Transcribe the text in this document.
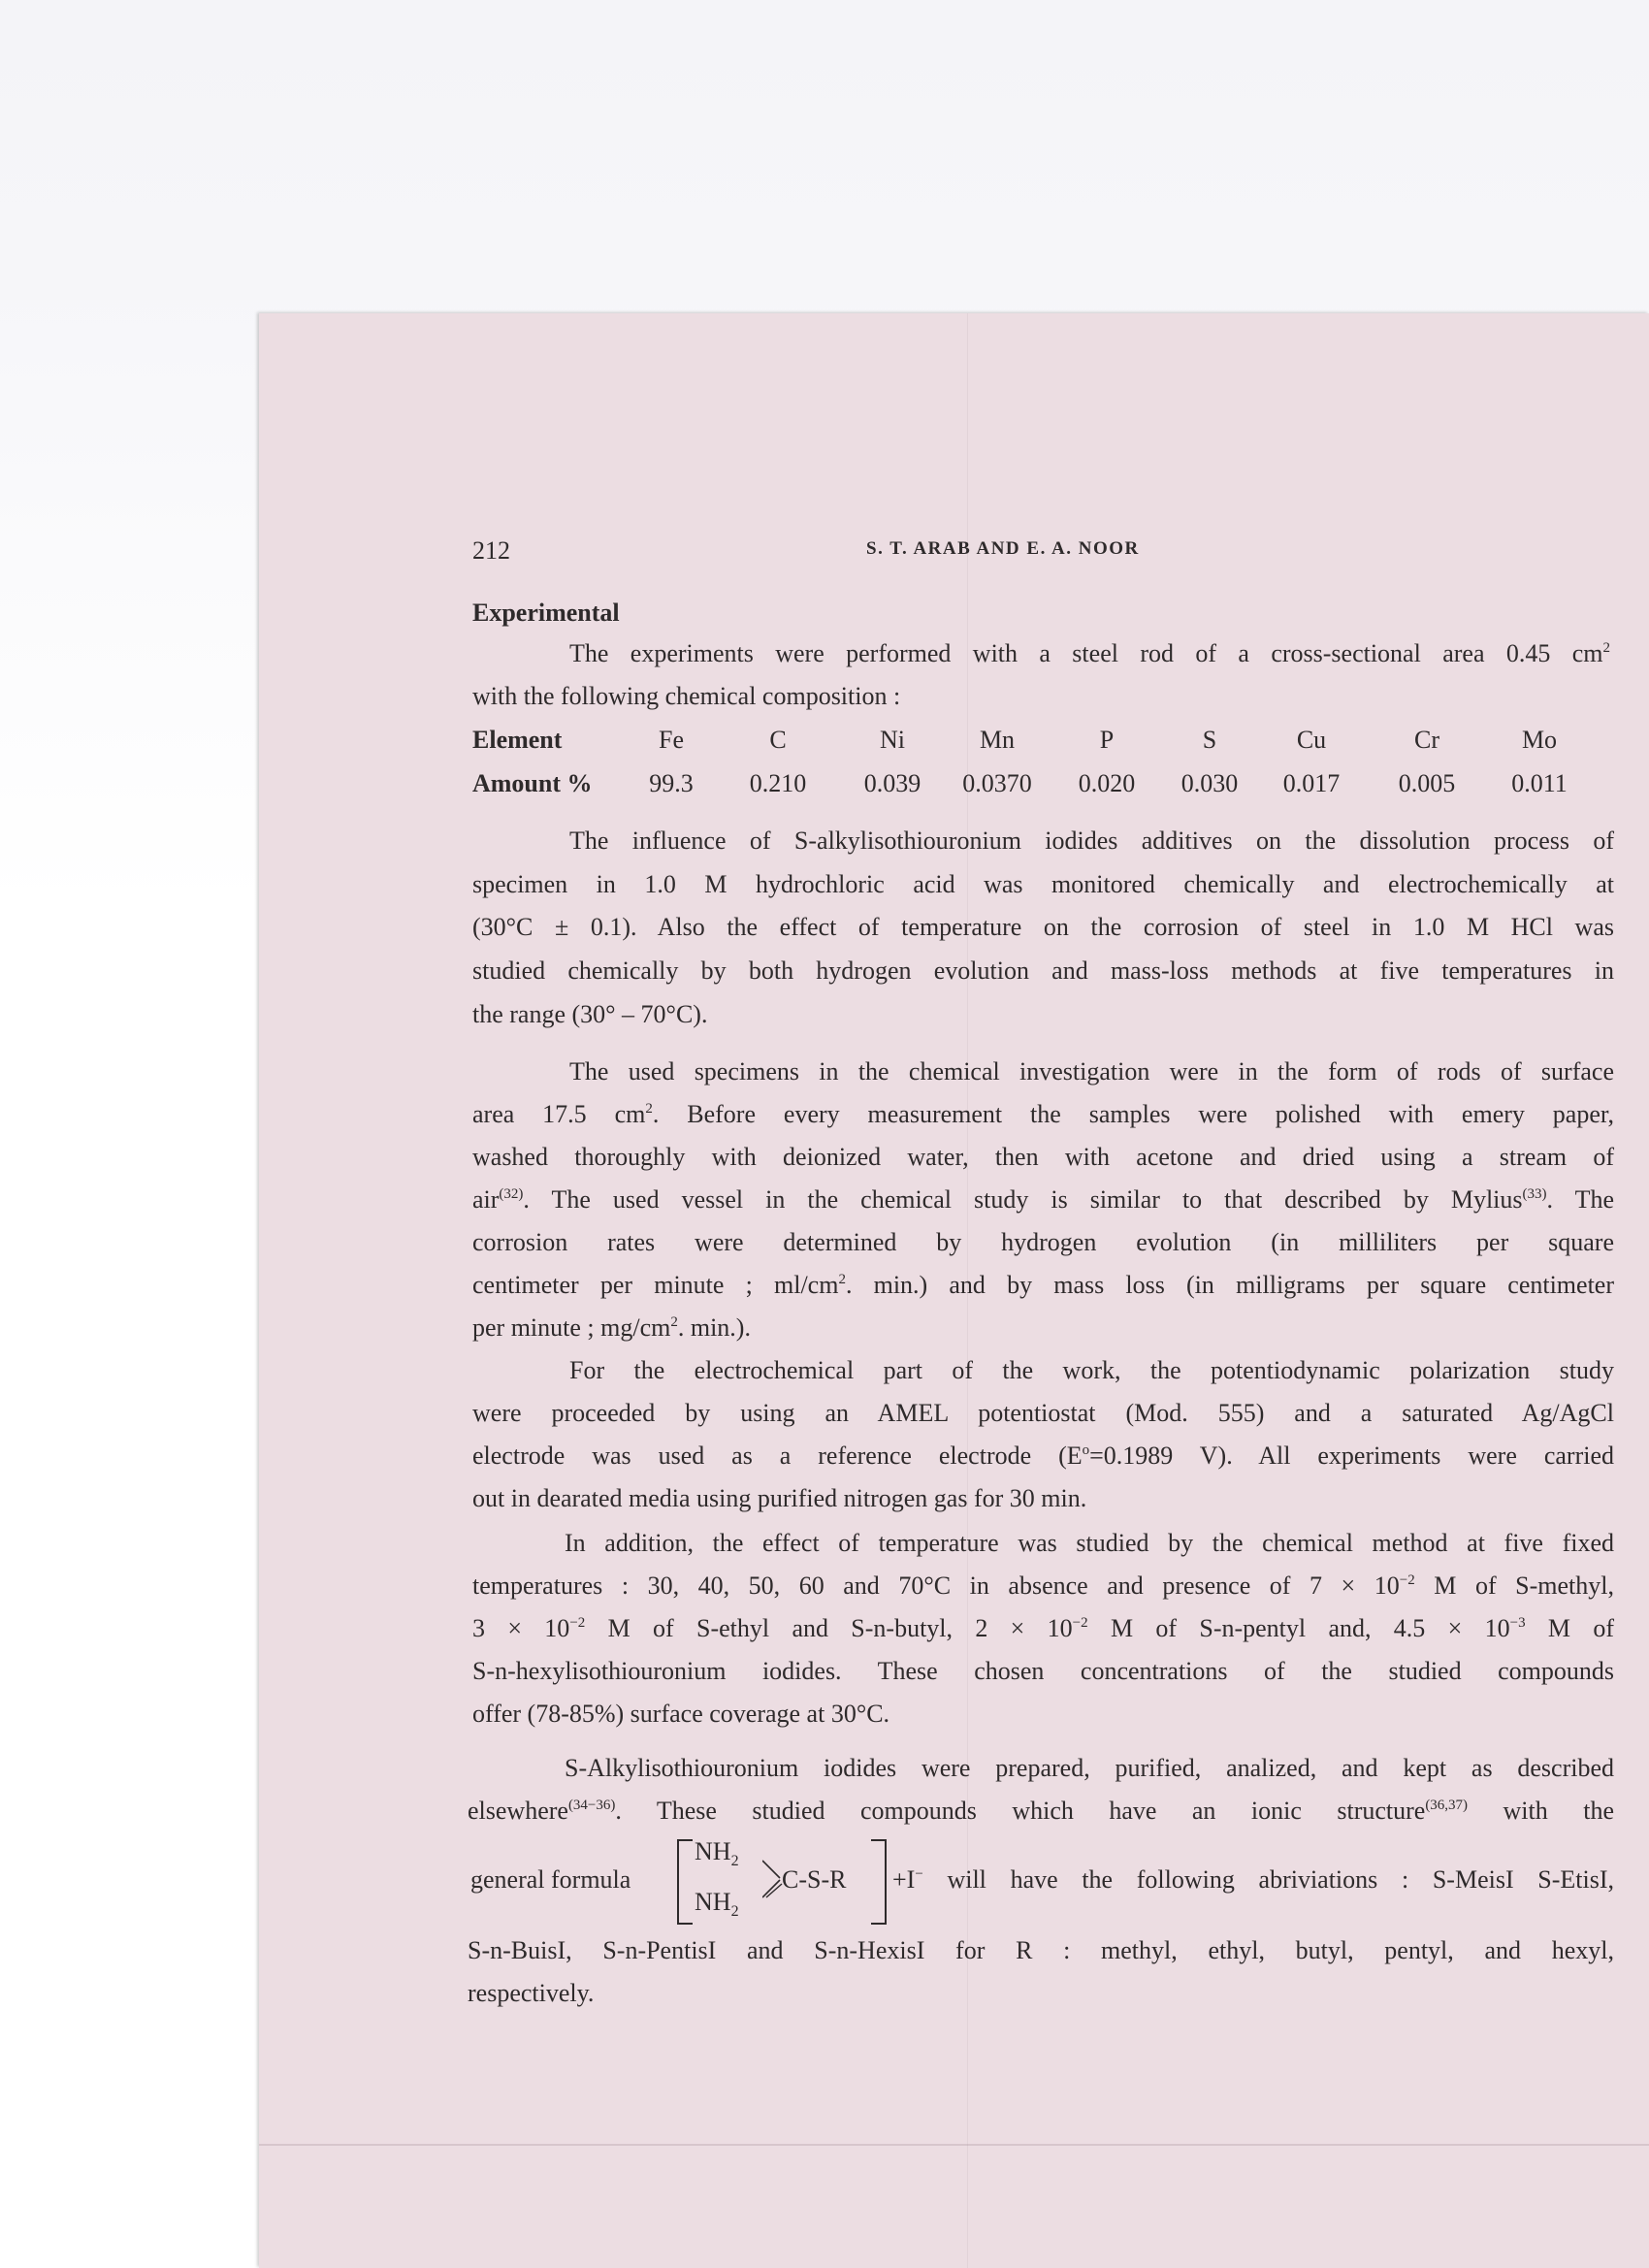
212	S. T. ARAB AND E. A. NOOR
Experimental
The experiments were performed with a steel rod of a cross-sectional area 0.45 $cm^2$
with the following chemical composition :
Element	Fe	C	Ni	Mn	P	S	Cu	Cr	Mo
Amount %	99.3	0.210	0.039	0.0370	0.020	0.030	0.017	0.005	0.011
The influence of S-alkylisothiouronium iodides additives on the dissolution process of
specimen in 1.0 M hydrochloric acid was monitored chemically and electrochemically at
(30°C ± 0.1). Also the effect of temperature on the corrosion of steel in 1.0 M HCl was
studied chemically by both hydrogen evolution and mass-loss methods at five temperatures in
the range (30° – 70°C).
The used specimens in the chemical investigation were in the form of rods of surface
area 17.5 $cm^2$. Before every measurement the samples were polished with emery paper,
washed thoroughly with deionized water, then with acetone and dried using a stream of
air$^{(32)}$. The used vessel in the chemical study is similar to that described by Mylius$^{(33)}$. The
corrosion rates were determined by hydrogen evolution (in milliliters per square
centimeter per minute ; $ml/cm^2$. min.) and by mass loss (in milligrams per square centimeter
per minute ; $mg/cm^2$. min.).
For the electrochemical part of the work, the potentiodynamic polarization study
were proceeded by using an AMEL potentiostat (Mod. 555) and a saturated Ag/AgCl
electrode was used as a reference electrode ($E^o=0.1989$ V). All experiments were carried
out in dearated media using purified nitrogen gas for 30 min.
In addition, the effect of temperature was studied by the chemical method at five fixed
temperatures : 30, 40, 50, 60 and 70°C in absence and presence of $7 \times 10^{-2}$ M of S-methyl,
$3 \times 10^{-2}$ M of S-ethyl and S-n-butyl, $2 \times 10^{-2}$ M of S-n-pentyl and, $4.5 \times 10^{-3}$ M of
S-n-hexylisothiouronium iodides. These chosen concentrations of the studied compounds
offer (78-85%) surface coverage at 30°C.
S-Alkylisothiouronium iodides were prepared, purified, analized, and kept as described
elsewhere$^{(34-36)}$. These studied compounds which have an ionic structure$^{(36,37)}$ with the
general formula
$NH_2$
$NH_2$
C-S-R +I− will have the following abriviations : S-MeisI S-EtisI,
S-n-BuisI, S-n-PentisI and S-n-HexisI for R : methyl, ethyl, butyl, pentyl, and hexyl,
respectively.
